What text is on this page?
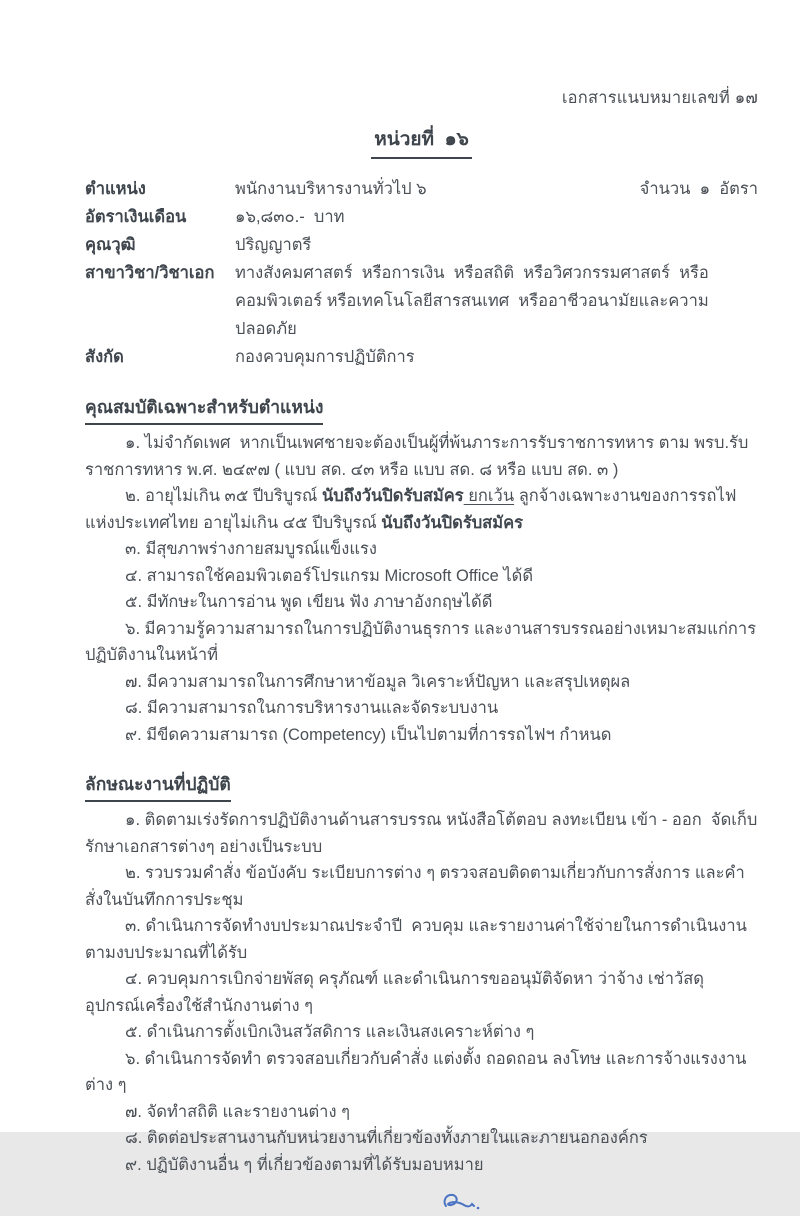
เอกสารแนบหมายเลขที่ ๑๗
หน่วยที่  ๑๖
ตำแหน่ง	พนักงานบริหารงานทั่วไป ๖	จำนวน  ๑  อัตรา
อัตราเงินเดือน	๑๖,๘๓๐.-  บาท
คุณวุฒิ	ปริญญาตรี
สาขาวิชา/วิชาเอก	ทางสังคมศาสตร์  หรือการเงิน  หรือสถิติ  หรือวิศวกรรมศาสตร์  หรือคอมพิวเตอร์ หรือเทคโนโลยีสารสนเทศ  หรืออาชีวอนามัยและความปลอดภัย
สังกัด	กองควบคุมการปฏิบัติการ
คุณสมบัติเฉพาะสำหรับตำแหน่ง

๑. ไม่จำกัดเพศ  หากเป็นเพศชายจะต้องเป็นผู้ที่พ้นภาระการรับราชการทหาร ตาม พรบ.รับราชการทหาร พ.ศ. ๒๔๙๗ ( แบบ สด. ๔๓ หรือ แบบ สด. ๘ หรือ แบบ สด. ๓ )

๒. อายุไม่เกิน ๓๕ ปีบริบูรณ์ นับถึงวันปิดรับสมัคร ยกเว้น ลูกจ้างเฉพาะงานของการรถไฟแห่งประเทศไทย อายุไม่เกิน ๔๕ ปีบริบูรณ์ นับถึงวันปิดรับสมัคร

๓. มีสุขภาพร่างกายสมบูรณ์แข็งแรง

๔. สามารถใช้คอมพิวเตอร์โปรแกรม Microsoft Office ได้ดี

๕. มีทักษะในการอ่าน พูด เขียน ฟัง ภาษาอังกฤษได้ดี

๖. มีความรู้ความสามารถในการปฏิบัติงานธุรการ และงานสารบรรณอย่างเหมาะสมแก่การปฏิบัติงานในหน้าที่

๗. มีความสามารถในการศึกษาหาข้อมูล วิเคราะห์ปัญหา และสรุปเหตุผล

๘. มีความสามารถในการบริหารงานและจัดระบบงาน

๙. มีขีดความสามารถ (Competency) เป็นไปตามที่การรถไฟฯ กำหนด

ลักษณะงานที่ปฏิบัติ

๑. ติดตามเร่งรัดการปฏิบัติงานด้านสารบรรณ หนังสือโต้ตอบ ลงทะเบียน เข้า - ออก  จัดเก็บรักษาเอกสารต่างๆ อย่างเป็นระบบ

๒. รวบรวมคำสั่ง ข้อบังคับ ระเบียบการต่าง ๆ ตรวจสอบติดตามเกี่ยวกับการสั่งการ และคำสั่งในบันทึกการประชุม

๓. ดำเนินการจัดทำงบประมาณประจำปี  ควบคุม และรายงานค่าใช้จ่ายในการดำเนินงานตามงบประมาณที่ได้รับ

๔. ควบคุมการเบิกจ่ายพัสดุ ครุภัณฑ์ และดำเนินการขออนุมัติจัดหา ว่าจ้าง เช่าวัสดุอุปกรณ์เครื่องใช้สำนักงานต่าง ๆ

๕. ดำเนินการตั้งเบิกเงินสวัสดิการ และเงินสงเคราะห์ต่าง ๆ

๖. ดำเนินการจัดทำ ตรวจสอบเกี่ยวกับคำสั่ง แต่งตั้ง ถอดถอน ลงโทษ และการจ้างแรงงานต่าง ๆ

๗. จัดทำสถิติ และรายงานต่าง ๆ

๘. ติดต่อประสานงานกับหน่วยงานที่เกี่ยวข้องทั้งภายในและภายนอกองค์กร

๙. ปฏิบัติงานอื่น ๆ ที่เกี่ยวข้องตามที่ได้รับมอบหมาย
